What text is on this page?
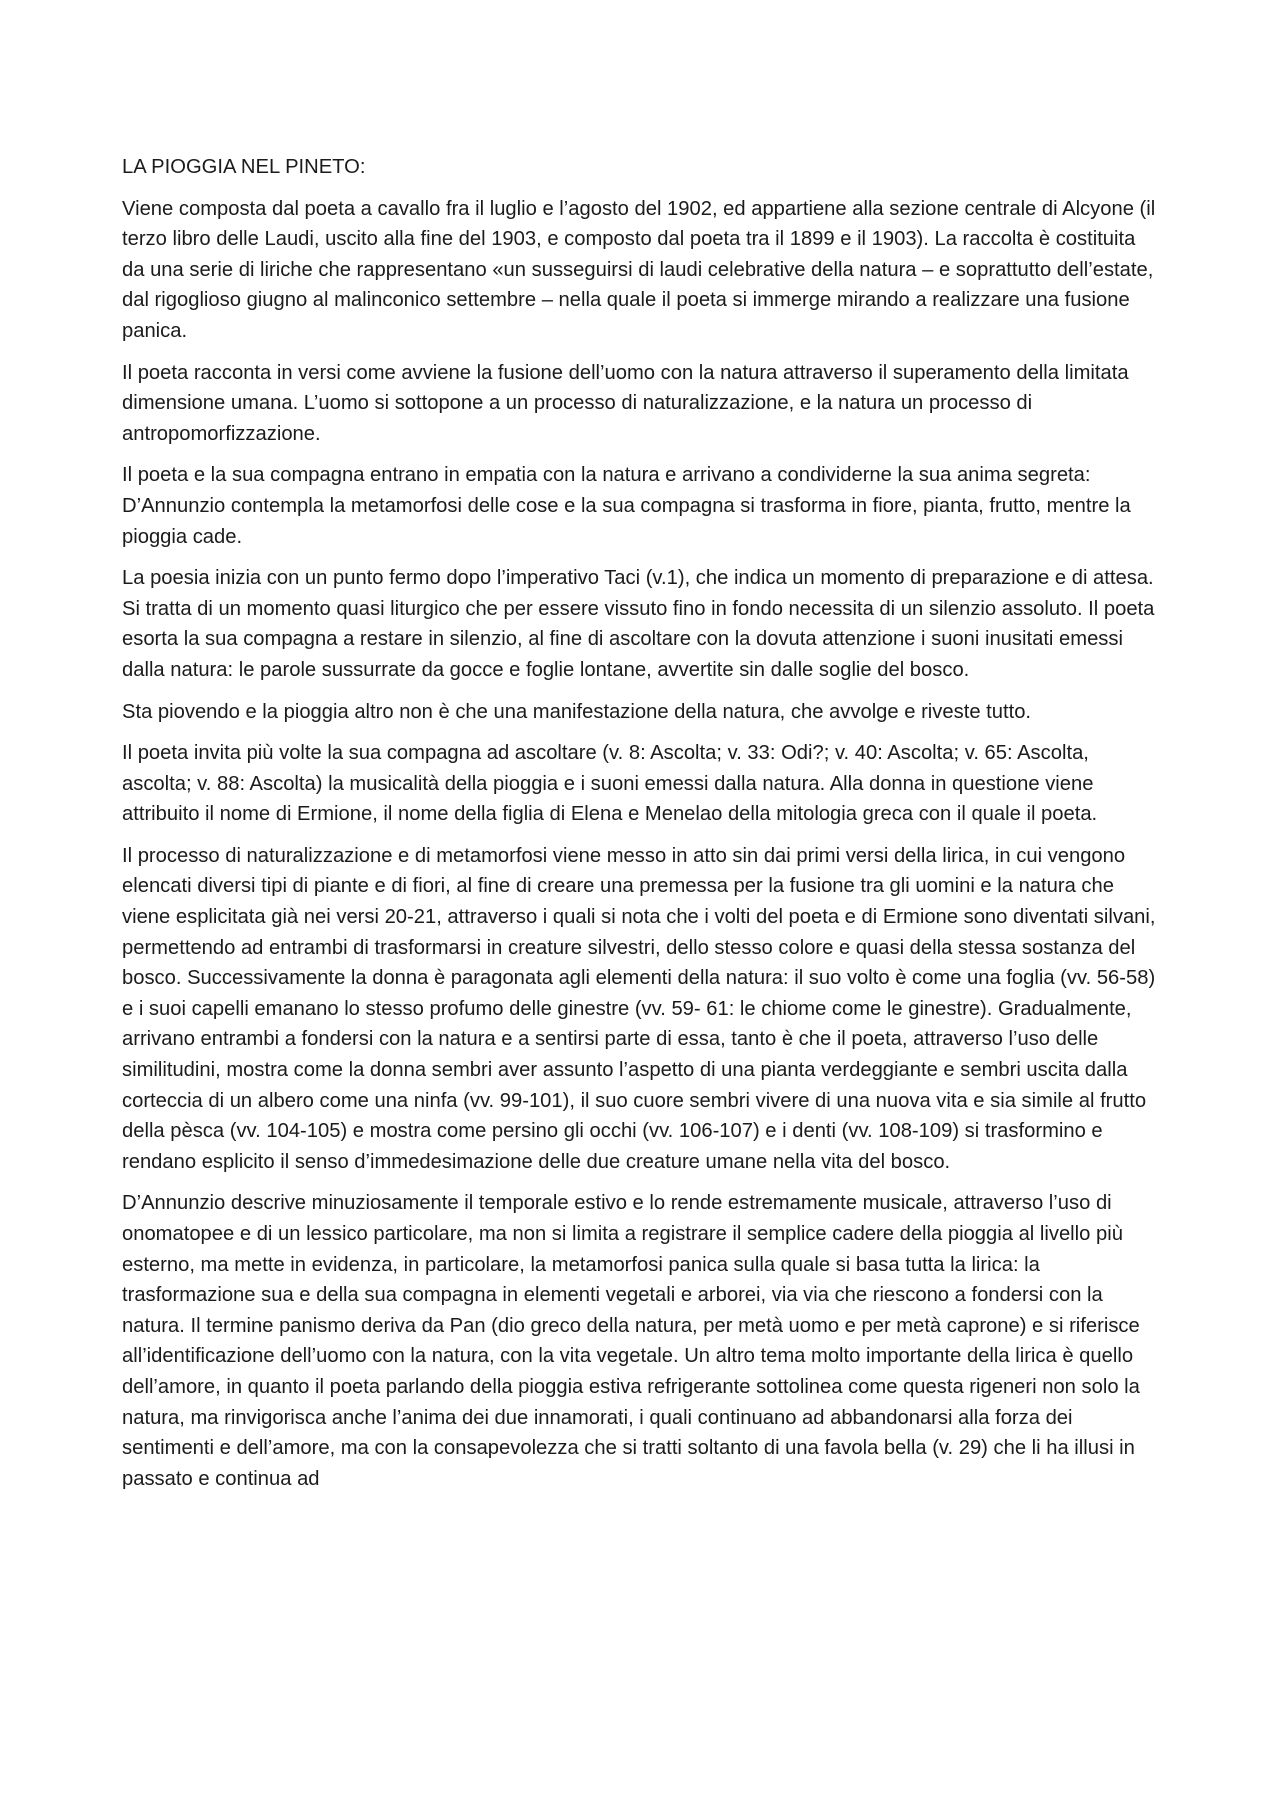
LA PIOGGIA NEL PINETO:

Viene composta dal poeta a cavallo fra il luglio e l’agosto del 1902, ed appartiene alla sezione centrale di Alcyone (il terzo libro delle Laudi, uscito alla fine del 1903, e composto dal poeta tra il 1899 e il 1903). La raccolta è costituita da una serie di liriche che rappresentano «un susseguirsi di laudi celebrative della natura – e soprattutto dell’estate, dal rigoglioso giugno al malinconico settembre – nella quale il poeta si immerge mirando a realizzare una fusione panica.

Il poeta racconta in versi come avviene la fusione dell’uomo con la natura attraverso il superamento della limitata dimensione umana. L’uomo si sottopone a un processo di naturalizzazione, e la natura un processo di antropomorfizzazione.

Il poeta e la sua compagna entrano in empatia con la natura e arrivano a condividerne la sua anima segreta: D’Annunzio contempla la metamorfosi delle cose e la sua compagna si trasforma in fiore, pianta, frutto, mentre la pioggia cade.

La poesia inizia con un punto fermo dopo l’imperativo Taci (v.1), che indica un momento di preparazione e di attesa. Si tratta di un momento quasi liturgico che per essere vissuto fino in fondo necessita di un silenzio assoluto. Il poeta esorta la sua compagna a restare in silenzio, al fine di ascoltare con la dovuta attenzione i suoni inusitati emessi dalla natura: le parole sussurrate da gocce e foglie lontane, avvertite sin dalle soglie del bosco.

Sta piovendo e la pioggia altro non è che una manifestazione della natura, che avvolge e riveste tutto.

Il poeta invita più volte la sua compagna ad ascoltare (v. 8: Ascolta; v. 33: Odi?; v. 40: Ascolta; v. 65: Ascolta, ascolta; v. 88: Ascolta) la musicalità della pioggia e i suoni emessi dalla natura. Alla donna in questione viene attribuito il nome di Ermione, il nome della figlia di Elena e Menelao della mitologia greca con il quale il poeta.

Il processo di naturalizzazione e di metamorfosi viene messo in atto sin dai primi versi della lirica, in cui vengono elencati diversi tipi di piante e di fiori, al fine di creare una premessa per la fusione tra gli uomini e la natura che viene esplicitata già nei versi 20-21, attraverso i quali si nota che i volti del poeta e di Ermione sono diventati silvani, permettendo ad entrambi di trasformarsi in creature silvestri, dello stesso colore e quasi della stessa sostanza del bosco. Successivamente la donna è paragonata agli elementi della natura: il suo volto è come una foglia (vv. 56-58) e i suoi capelli emanano lo stesso profumo delle ginestre (vv. 59- 61: le chiome come le ginestre). Gradualmente, arrivano entrambi a fondersi con la natura e a sentirsi parte di essa, tanto è che il poeta, attraverso l’uso delle similitudini, mostra come la donna sembri aver assunto l’aspetto di una pianta verdeggiante e sembri uscita dalla corteccia di un albero come una ninfa (vv. 99-101), il suo cuore sembri vivere di una nuova vita e sia simile al frutto della pèsca (vv. 104-105) e mostra come persino gli occhi (vv. 106-107) e i denti (vv. 108-109) si trasformino e rendano esplicito il senso d’immedesimazione delle due creature umane nella vita del bosco.

D’Annunzio descrive minuziosamente il temporale estivo e lo rende estremamente musicale, attraverso l’uso di onomatopee e di un lessico particolare, ma non si limita a registrare il semplice cadere della pioggia al livello più esterno, ma mette in evidenza, in particolare, la metamorfosi panica sulla quale si basa tutta la lirica: la trasformazione sua e della sua compagna in elementi vegetali e arborei, via via che riescono a fondersi con la natura. Il termine panismo deriva da Pan (dio greco della natura, per metà uomo e per metà caprone) e si riferisce all’identificazione dell’uomo con la natura, con la vita vegetale. Un altro tema molto importante della lirica è quello dell’amore, in quanto il poeta parlando della pioggia estiva refrigerante sottolinea come questa rigeneri non solo la natura, ma rinvigorisca anche l’anima dei due innamorati, i quali continuano ad abbandonarsi alla forza dei sentimenti e dell’amore, ma con la consapevolezza che si tratti soltanto di una favola bella (v. 29) che li ha illusi in passato e continua ad
